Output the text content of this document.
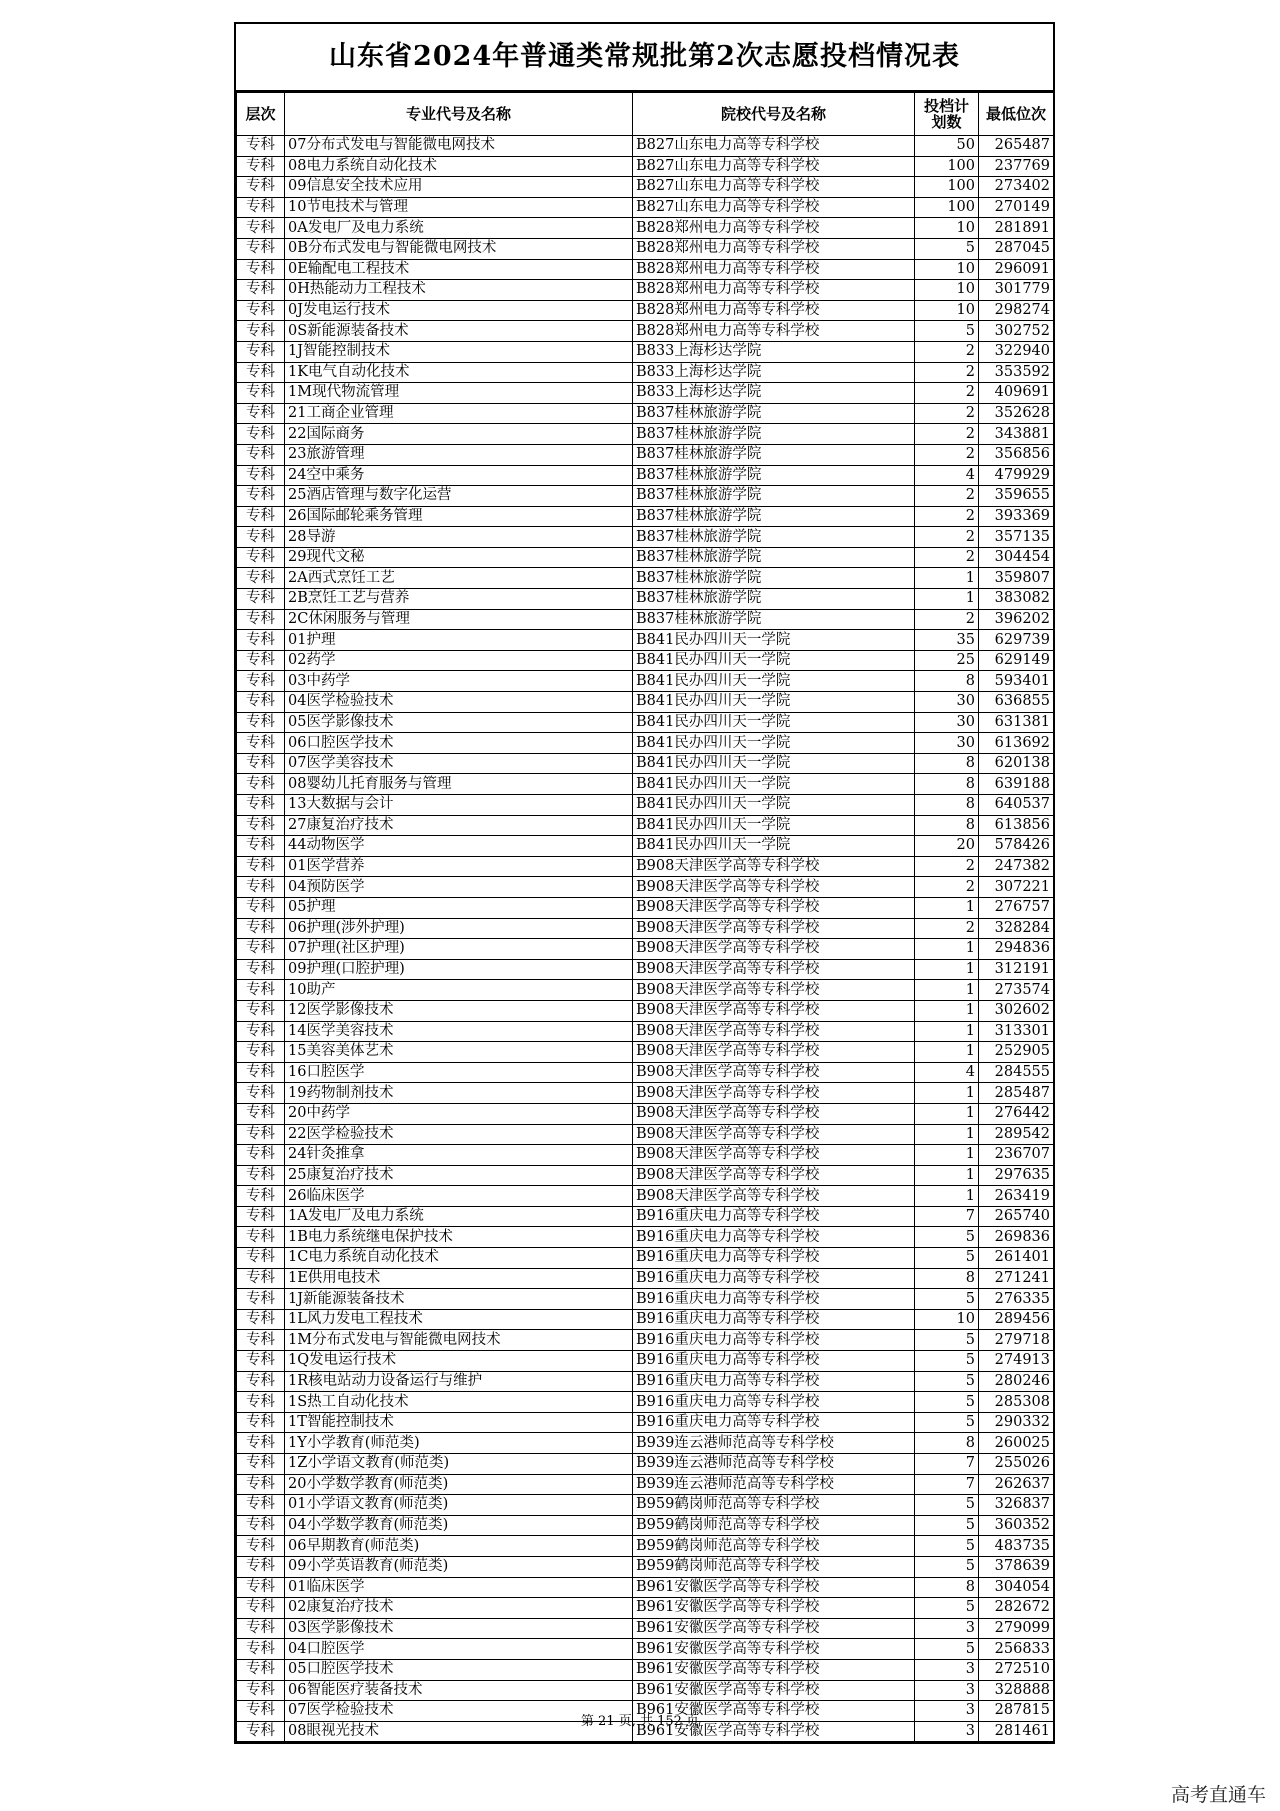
山东省2024年普通类常规批第2次志愿投档情况表
层次	专业代号及名称	院校代号及名称	投档计划数	最低位次
专科	07分布式发电与智能微电网技术	B827山东电力高等专科学校	50	265487
专科	08电力系统自动化技术	B827山东电力高等专科学校	100	237769
专科	09信息安全技术应用	B827山东电力高等专科学校	100	273402
专科	10节电技术与管理	B827山东电力高等专科学校	100	270149
专科	0A发电厂及电力系统	B828郑州电力高等专科学校	10	281891
专科	0B分布式发电与智能微电网技术	B828郑州电力高等专科学校	5	287045
专科	0E输配电工程技术	B828郑州电力高等专科学校	10	296091
专科	0H热能动力工程技术	B828郑州电力高等专科学校	10	301779
专科	0J发电运行技术	B828郑州电力高等专科学校	10	298274
专科	0S新能源装备技术	B828郑州电力高等专科学校	5	302752
专科	1J智能控制技术	B833上海杉达学院	2	322940
专科	1K电气自动化技术	B833上海杉达学院	2	353592
专科	1M现代物流管理	B833上海杉达学院	2	409691
专科	21工商企业管理	B837桂林旅游学院	2	352628
专科	22国际商务	B837桂林旅游学院	2	343881
专科	23旅游管理	B837桂林旅游学院	2	356856
专科	24空中乘务	B837桂林旅游学院	4	479929
专科	25酒店管理与数字化运营	B837桂林旅游学院	2	359655
专科	26国际邮轮乘务管理	B837桂林旅游学院	2	393369
专科	28导游	B837桂林旅游学院	2	357135
专科	29现代文秘	B837桂林旅游学院	2	304454
专科	2A西式烹饪工艺	B837桂林旅游学院	1	359807
专科	2B烹饪工艺与营养	B837桂林旅游学院	1	383082
专科	2C休闲服务与管理	B837桂林旅游学院	2	396202
专科	01护理	B841民办四川天一学院	35	629739
专科	02药学	B841民办四川天一学院	25	629149
专科	03中药学	B841民办四川天一学院	8	593401
专科	04医学检验技术	B841民办四川天一学院	30	636855
专科	05医学影像技术	B841民办四川天一学院	30	631381
专科	06口腔医学技术	B841民办四川天一学院	30	613692
专科	07医学美容技术	B841民办四川天一学院	8	620138
专科	08婴幼儿托育服务与管理	B841民办四川天一学院	8	639188
专科	13大数据与会计	B841民办四川天一学院	8	640537
专科	27康复治疗技术	B841民办四川天一学院	8	613856
专科	44动物医学	B841民办四川天一学院	20	578426
专科	01医学营养	B908天津医学高等专科学校	2	247382
专科	04预防医学	B908天津医学高等专科学校	2	307221
专科	05护理	B908天津医学高等专科学校	1	276757
专科	06护理(涉外护理)	B908天津医学高等专科学校	2	328284
专科	07护理(社区护理)	B908天津医学高等专科学校	1	294836
专科	09护理(口腔护理)	B908天津医学高等专科学校	1	312191
专科	10助产	B908天津医学高等专科学校	1	273574
专科	12医学影像技术	B908天津医学高等专科学校	1	302602
专科	14医学美容技术	B908天津医学高等专科学校	1	313301
专科	15美容美体艺术	B908天津医学高等专科学校	1	252905
专科	16口腔医学	B908天津医学高等专科学校	4	284555
专科	19药物制剂技术	B908天津医学高等专科学校	1	285487
专科	20中药学	B908天津医学高等专科学校	1	276442
专科	22医学检验技术	B908天津医学高等专科学校	1	289542
专科	24针灸推拿	B908天津医学高等专科学校	1	236707
专科	25康复治疗技术	B908天津医学高等专科学校	1	297635
专科	26临床医学	B908天津医学高等专科学校	1	263419
专科	1A发电厂及电力系统	B916重庆电力高等专科学校	7	265740
专科	1B电力系统继电保护技术	B916重庆电力高等专科学校	5	269836
专科	1C电力系统自动化技术	B916重庆电力高等专科学校	5	261401
专科	1E供用电技术	B916重庆电力高等专科学校	8	271241
专科	1J新能源装备技术	B916重庆电力高等专科学校	5	276335
专科	1L风力发电工程技术	B916重庆电力高等专科学校	10	289456
专科	1M分布式发电与智能微电网技术	B916重庆电力高等专科学校	5	279718
专科	1Q发电运行技术	B916重庆电力高等专科学校	5	274913
专科	1R核电站动力设备运行与维护	B916重庆电力高等专科学校	5	280246
专科	1S热工自动化技术	B916重庆电力高等专科学校	5	285308
专科	1T智能控制技术	B916重庆电力高等专科学校	5	290332
专科	1Y小学教育(师范类)	B939连云港师范高等专科学校	8	260025
专科	1Z小学语文教育(师范类)	B939连云港师范高等专科学校	7	255026
专科	20小学数学教育(师范类)	B939连云港师范高等专科学校	7	262637
专科	01小学语文教育(师范类)	B959鹤岗师范高等专科学校	5	326837
专科	04小学数学教育(师范类)	B959鹤岗师范高等专科学校	5	360352
专科	06早期教育(师范类)	B959鹤岗师范高等专科学校	5	483735
专科	09小学英语教育(师范类)	B959鹤岗师范高等专科学校	5	378639
专科	01临床医学	B961安徽医学高等专科学校	8	304054
专科	02康复治疗技术	B961安徽医学高等专科学校	5	282672
专科	03医学影像技术	B961安徽医学高等专科学校	3	279099
专科	04口腔医学	B961安徽医学高等专科学校	5	256833
专科	05口腔医学技术	B961安徽医学高等专科学校	3	272510
专科	06智能医疗装备技术	B961安徽医学高等专科学校	3	328888
专科	07医学检验技术	B961安徽医学高等专科学校	3	287815
专科	08眼视光技术	B961安徽医学高等专科学校	3	281461
第 21 页, 共 152 页
高考直通车
